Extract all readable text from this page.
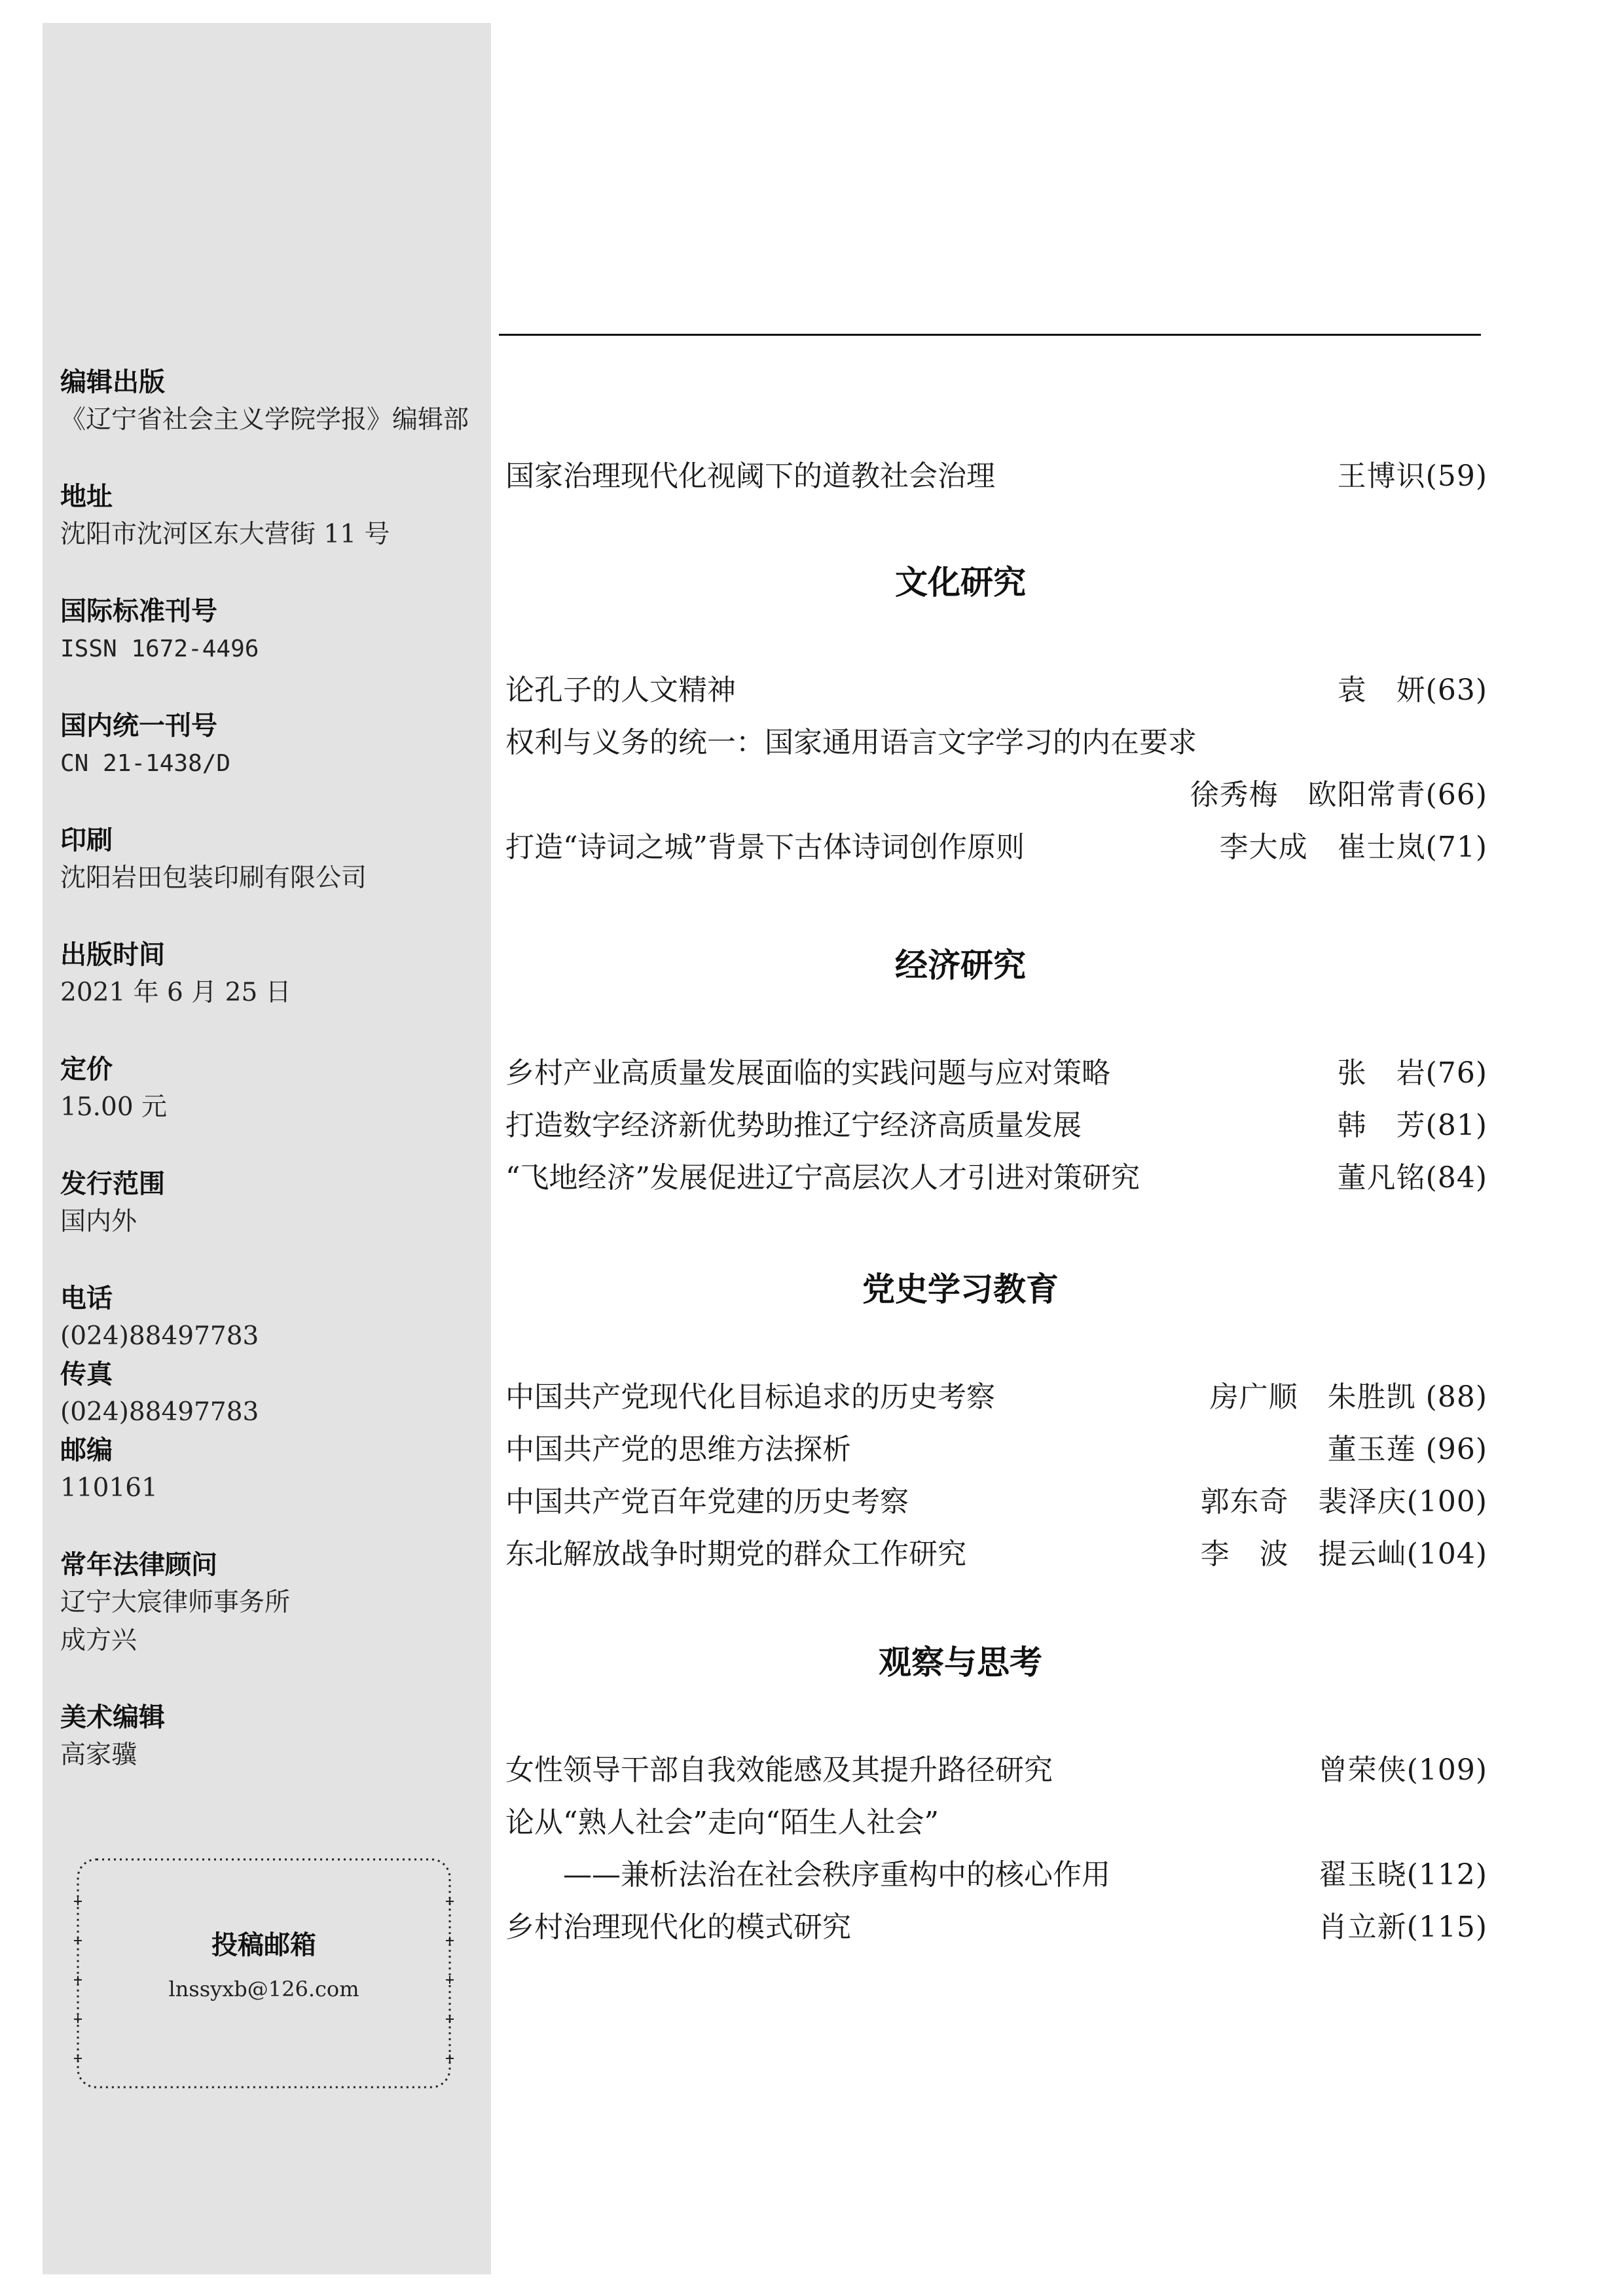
编辑出版
《辽宁省社会主义学院学报》编辑部
地址
沈阳市沈河区东大营街 11 号
国际标准刊号
ISSN 1672-4496
国内统一刊号
CN 21-1438/D
印刷
沈阳岩田包装印刷有限公司
出版时间
2021 年 6 月 25 日
定价
15.00 元
发行范围
国内外
电话
(024)88497783
传真
(024)88497783
邮编
110161
常年法律顾问
辽宁大宸律师事务所
成方兴
美术编辑
高家骥
投稿邮箱
lnssyxb@126.com
国家治理现代化视阈下的道教社会治理	王博识(59)
文化研究
论孔子的人文精神	袁　妍(63)
权利与义务的统一：国家通用语言文字学习的内在要求
徐秀梅　欧阳常青(66)
打造“诗词之城”背景下古体诗词创作原则	李大成　崔士岚(71)
经济研究
乡村产业高质量发展面临的实践问题与应对策略	张　岩(76)
打造数字经济新优势助推辽宁经济高质量发展	韩　芳(81)
“飞地经济”发展促进辽宁高层次人才引进对策研究	董凡铭(84)
党史学习教育
中国共产党现代化目标追求的历史考察	房广顺　朱胜凯 (88)
中国共产党的思维方法探析	董玉莲 (96)
中国共产党百年党建的历史考察	郭东奇　裴泽庆(100)
东北解放战争时期党的群众工作研究	李　波　提云屾(104)
观察与思考
女性领导干部自我效能感及其提升路径研究	曾荣侠(109)
论从“熟人社会”走向“陌生人社会”
　　——兼析法治在社会秩序重构中的核心作用	翟玉晓(112)
乡村治理现代化的模式研究	肖立新(115)
